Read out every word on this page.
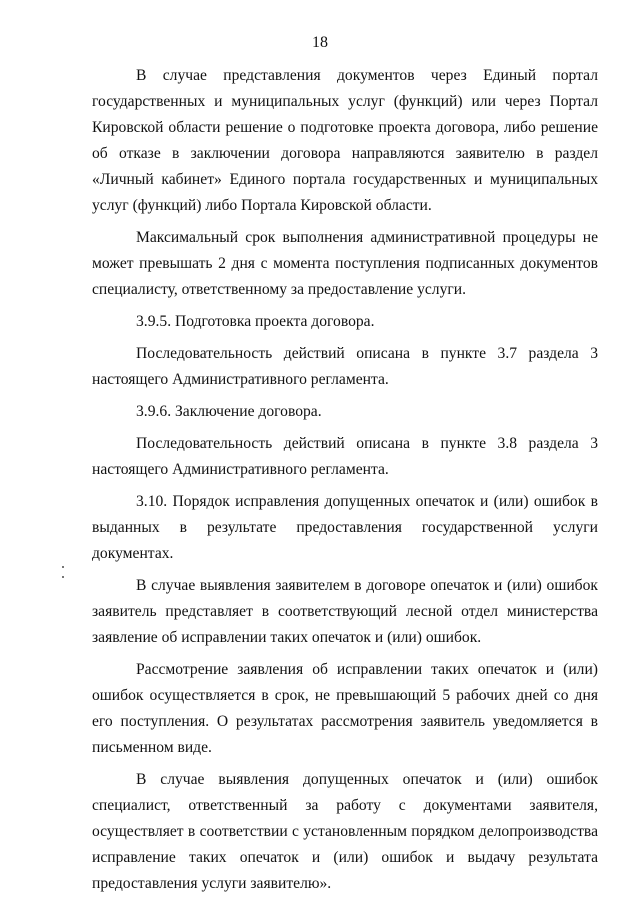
18

В случае представления документов через Единый портал государственных и муниципальных услуг (функций) или через Портал Кировской области решение о подготовке проекта договора, либо решение об отказе в заключении договора направляются заявителю в раздел «Личный кабинет» Единого портала государственных и муниципальных услуг (функций) либо Портала Кировской области.

Максимальный срок выполнения административной процедуры не может превышать 2 дня с момента поступления подписанных документов специалисту, ответственному за предоставление услуги.

3.9.5. Подготовка проекта договора.

Последовательность действий описана в пункте 3.7 раздела 3 настоящего Административного регламента.

3.9.6. Заключение договора.

Последовательность действий описана в пункте 3.8 раздела 3 настоящего Административного регламента.

3.10. Порядок исправления допущенных опечаток и (или) ошибок в выданных в результате предоставления государственной услуги документах.

В случае выявления заявителем в договоре опечаток и (или) ошибок заявитель представляет в соответствующий лесной отдел министерства заявление об исправлении таких опечаток и (или) ошибок.

Рассмотрение заявления об исправлении таких опечаток и (или) ошибок осуществляется в срок, не превышающий 5 рабочих дней со дня его поступления. О результатах рассмотрения заявитель уведомляется в письменном виде.

В случае выявления допущенных опечаток и (или) ошибок специалист, ответственный за работу с документами заявителя, осуществляет в соответствии с установленным порядком делопроизводства исправление таких опечаток и (или) ошибок и выдачу результата предоставления услуги заявителю».
